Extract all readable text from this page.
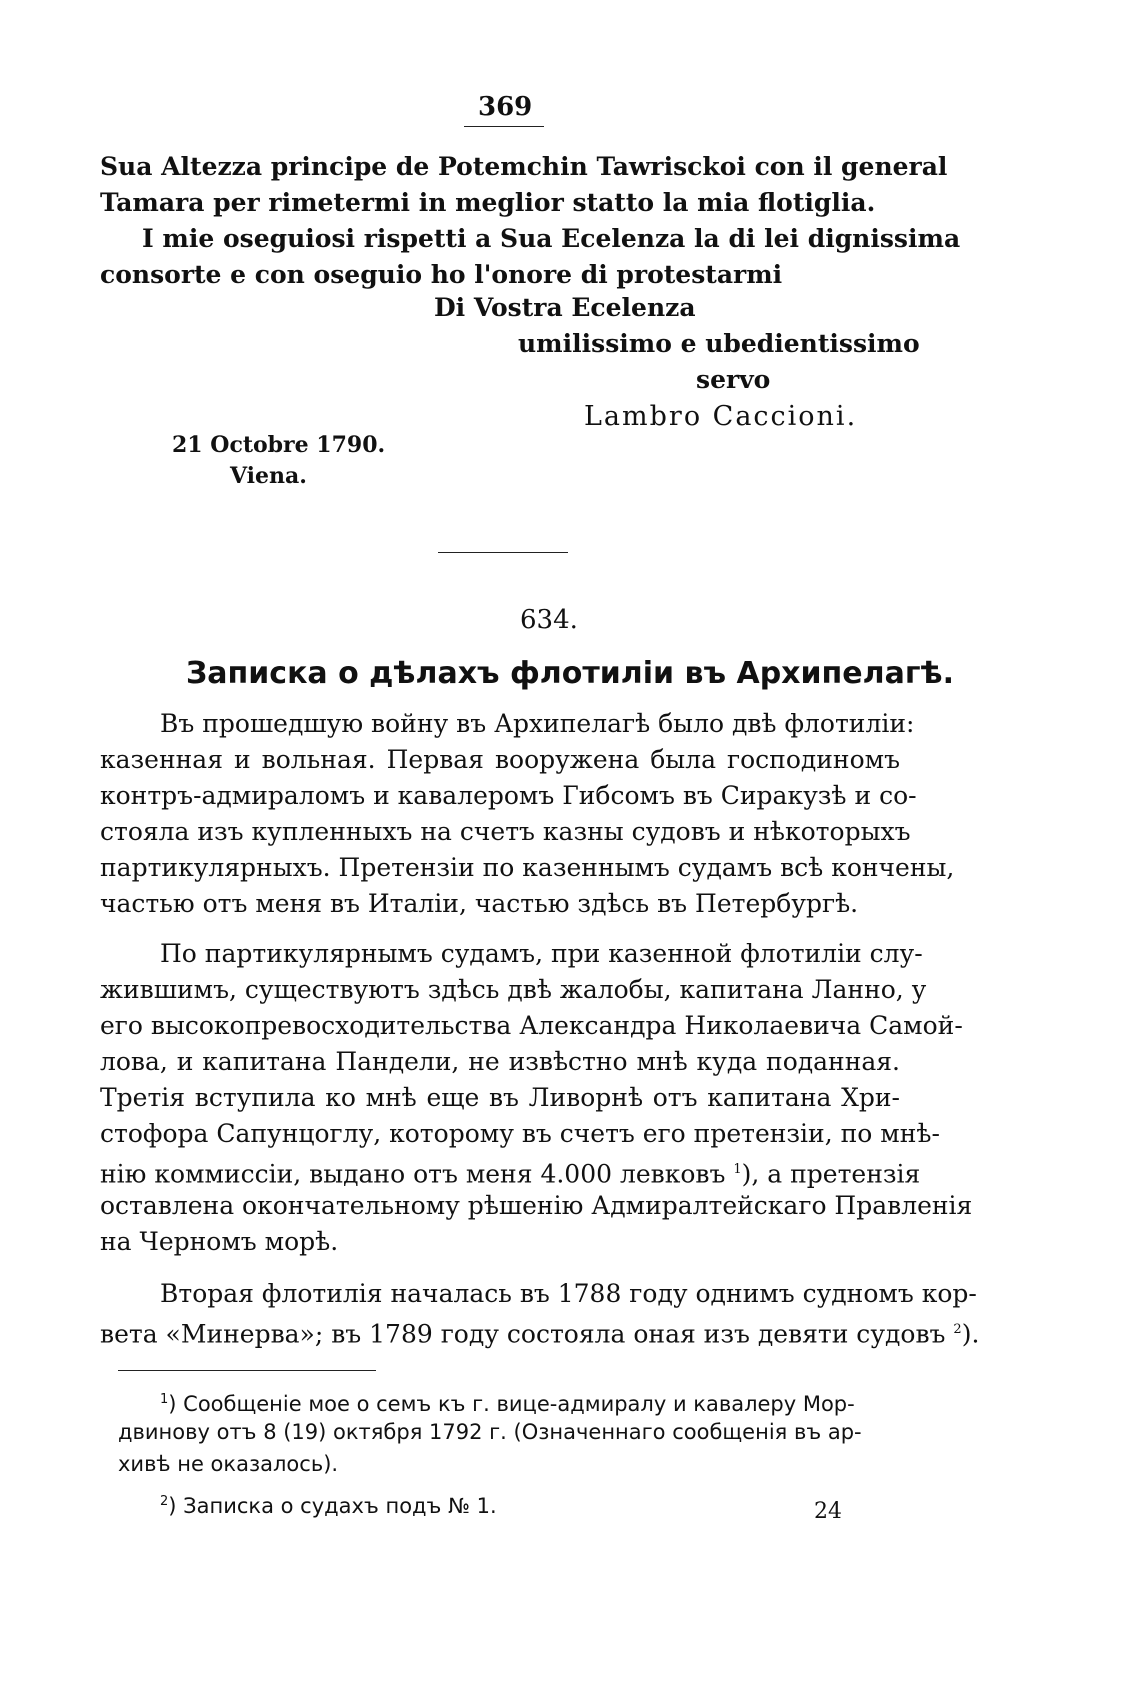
369
Sua Altezza principe de Potemchin Tawrisckoi con il general
Tamara per rimetermi in meglior statto la mia flotiglia.
I mie oseguiosi rispetti a Sua Ecelenza la di lei dignissima
consorte e con oseguio ho l'onore di protestarmi
Di Vostra Ecelenza
umilissimo e ubedientissimo
servo
Lambro Caccioni.
21 Octobre 1790.
Viena.
634.
Записка о дѣлахъ флотиліи въ Архипелагѣ.
Въ прошедшую войну въ Архипелагѣ было двѣ флотиліи:
казенная и вольная. Первая вооружена была господиномъ
контръ-адмираломъ и кавалеромъ Гибсомъ въ Сиракузѣ и со-
стояла изъ купленныхъ на счетъ казны судовъ и нѣкоторыхъ
партикулярныхъ. Претензіи по казеннымъ судамъ всѣ кончены,
частью отъ меня въ Италіи, частью здѣсь въ Петербургѣ.
По партикулярнымъ судамъ, при казенной флотиліи слу-
жившимъ, существуютъ здѣсь двѣ жалобы, капитана Ланно, у
его высокопревосходительства Александра Николаевича Самой-
лова, и капитана Пандели, не извѣстно мнѣ куда поданная.
Третія вступила ко мнѣ еще въ Ливорнѣ отъ капитана Хри-
стофора Сапунцоглу, которому въ счетъ его претензіи, по мнѣ-
нію коммиссіи, выдано отъ меня 4.000 левковъ $^1$), а претензія
оставлена окончательному рѣшенію Адмиралтейскаго Правленія
на Черномъ морѣ.
Вторая флотилія началась въ 1788 году однимъ судномъ кор-
вета «Минерва»; въ 1789 году состояла оная изъ девяти судовъ $^2$).
$^1$) Сообщеніе мое о семъ къ г. вице-адмиралу и кавалеру Мор-
двинову отъ 8 (19) октября 1792 г. (Означеннаго сообщенія въ ар-
хивѣ не оказалось).
$^2$) Записка о судахъ подъ № 1.	24
